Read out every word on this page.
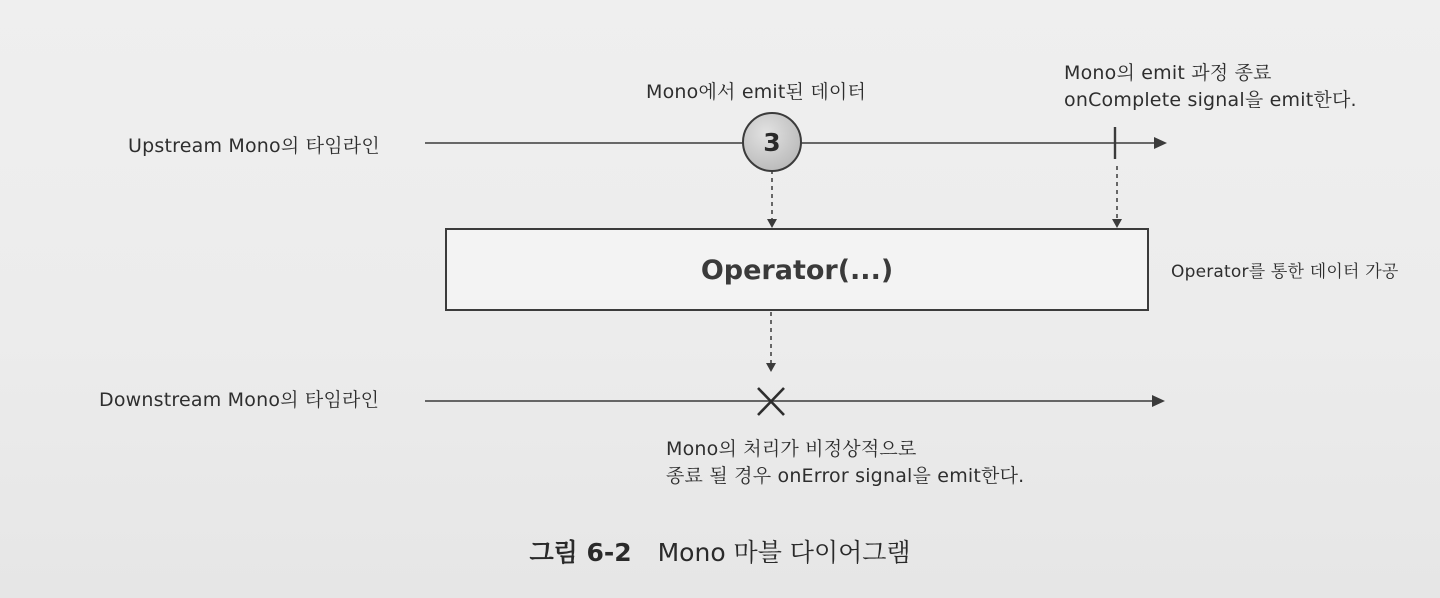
3
Operator(...)
Upstream Mono의 타임라인
Mono에서 emit된 데이터
Mono의 emit 과정 종료
onComplete signal을 emit한다.
Operator를 통한 데이터 가공
Downstream Mono의 타임라인
Mono의 처리가 비정상적으로
종료 될 경우 onError signal을 emit한다.
그림 6-2 Mono 마블 다이어그램
